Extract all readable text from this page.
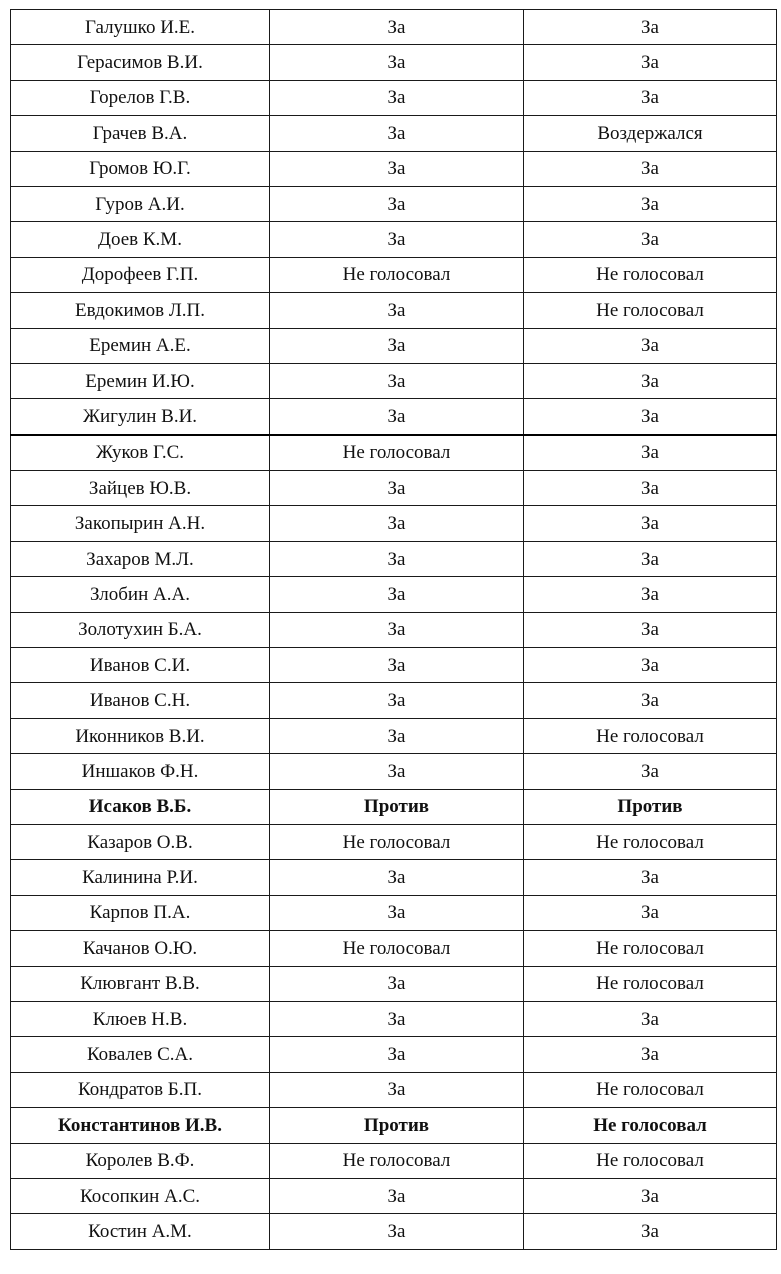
Галушко И.Е.	За	За
Герасимов В.И.	За	За
Горелов Г.В.	За	За
Грачев В.А.	За	Воздержался
Громов Ю.Г.	За	За
Гуров А.И.	За	За
Доев К.М.	За	За
Дорофеев Г.П.	Не голосовал	Не голосовал
Евдокимов Л.П.	За	Не голосовал
Еремин А.Е.	За	За
Еремин И.Ю.	За	За
Жигулин В.И.	За	За
Жуков Г.С.	Не голосовал	За
Зайцев Ю.В.	За	За
Закопырин А.Н.	За	За
Захаров М.Л.	За	За
Злобин А.А.	За	За
Золотухин Б.А.	За	За
Иванов С.И.	За	За
Иванов С.Н.	За	За
Иконников В.И.	За	Не голосовал
Иншаков Ф.Н.	За	За
Исаков В.Б.	Против	Против
Казаров О.В.	Не голосовал	Не голосовал
Калинина Р.И.	За	За
Карпов П.А.	За	За
Качанов О.Ю.	Не голосовал	Не голосовал
Клювгант В.В.	За	Не голосовал
Клюев Н.В.	За	За
Ковалев С.А.	За	За
Кондратов Б.П.	За	Не голосовал
Константинов И.В.	Против	Не голосовал
Королев В.Ф.	Не голосовал	Не голосовал
Косопкин А.С.	За	За
Костин А.М.	За	За
